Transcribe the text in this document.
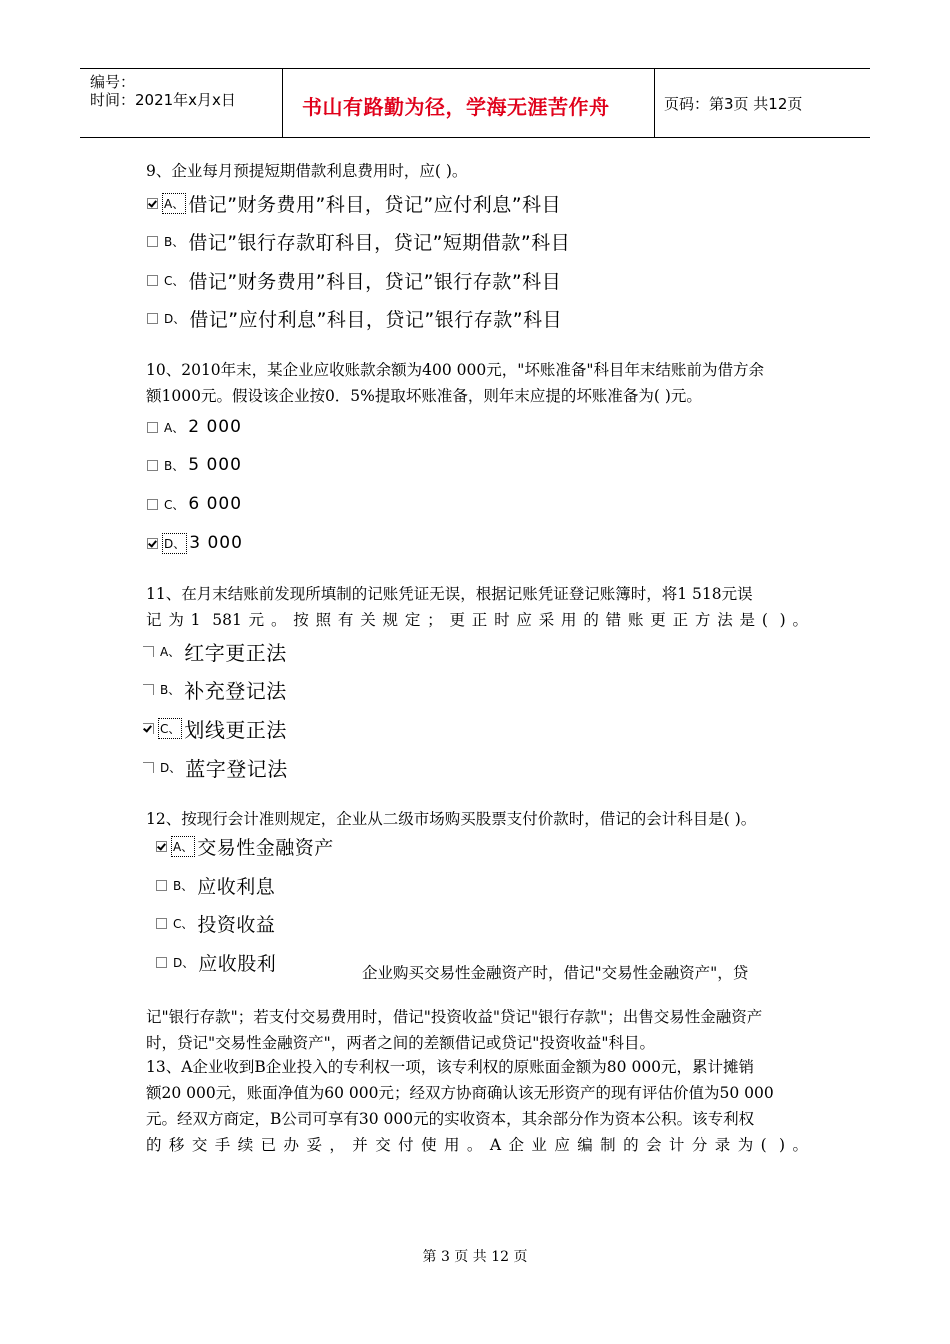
编号：
时间：2021年x月x日	书山有路勤为径，学海无涯苦作舟	页码：第3页 共12页
9、企业每月预提短期借款利息费用时，应( )。
A、 借记”财务费用”科目，贷记”应付利息”科目
B、 借记”银行存款耵科目，贷记”短期借款”科目
C、 借记”财务费用”科目，贷记”银行存款”科目
D、 借记”应付利息”科目，贷记”银行存款”科目
10、2010年末，某企业应收账款余额为400 000元，"坏账准备"科目年末结账前为借方余
额1000元。假设该企业按0．5%提取坏账准备，则年末应提的坏账准备为( )元。
A、 2 000
B、 5 000
C、 6 000
D、 3 000
11、在月末结账前发现所填制的记账凭证无误，根据记账凭证登记账簿时，将1 518元误
记为1 581元。按照有关规定；更正时应采用的错账更正方法是( )。
A、 红字更正法
B、 补充登记法
C、 划线更正法
D、 蓝字登记法
12、按现行会计准则规定，企业从二级市场购买股票支付价款时，借记的会计科目是( )。
A、 交易性金融资产
B、 应收利息
C、 投资收益
D、 应收股利	企业购买交易性金融资产时，借记"交易性金融资产"，贷
记"银行存款"；若支付交易费用时，借记"投资收益"贷记"银行存款"；出售交易性金融资产
时，贷记"交易性金融资产"，两者之间的差额借记或贷记"投资收益"科目。
13、A企业收到B企业投入的专利权一项，该专利权的原账面金额为80 000元，累计摊销
额20 000元，账面净值为60 000元；经双方协商确认该无形资产的现有评估价值为50 000
元。经双方商定，B公司可享有30 000元的实收资本，其余部分作为资本公积。该专利权
的移交手续已办妥，并交付使用。A企业应编制的会计分录为( )。
第 3 页 共 12 页
